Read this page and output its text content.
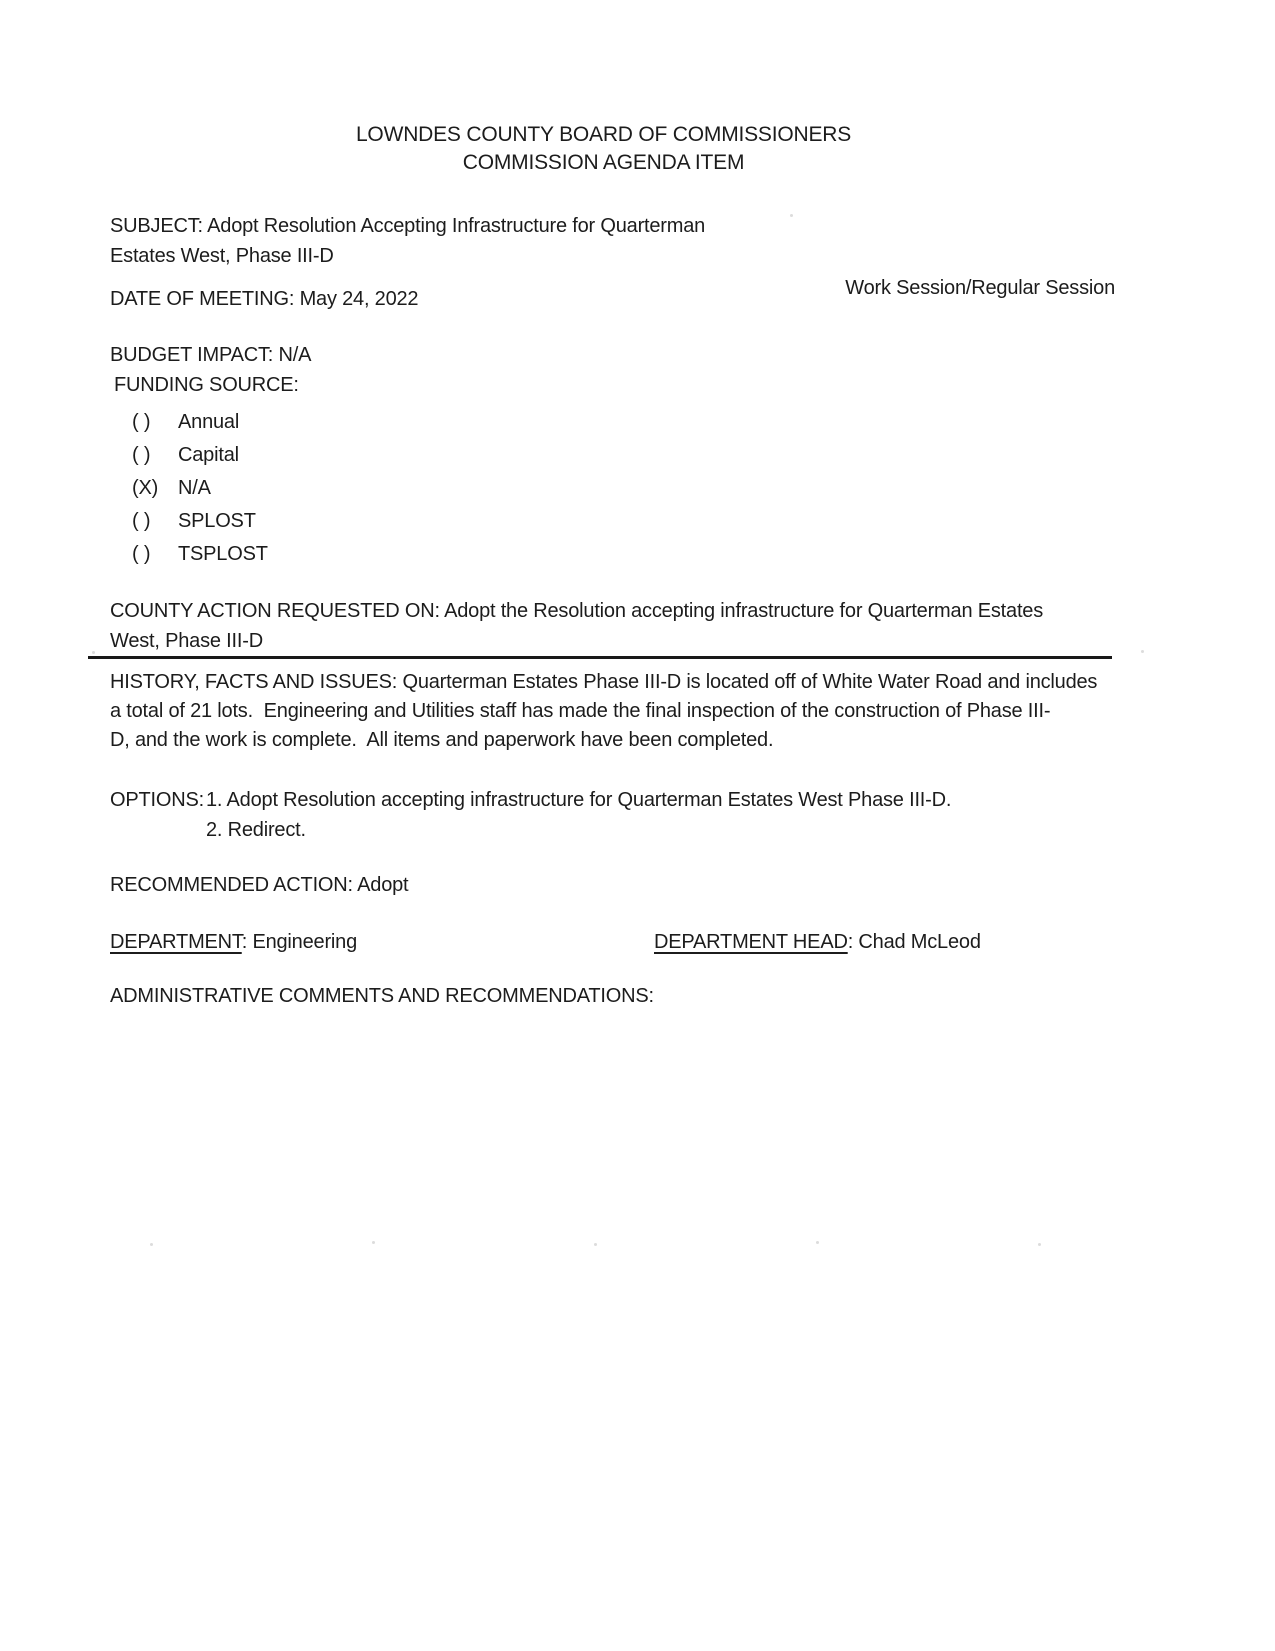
LOWNDES COUNTY BOARD OF COMMISSIONERS
COMMISSION AGENDA ITEM
SUBJECT: Adopt Resolution Accepting Infrastructure for Quarterman
Estates West, Phase III-D
DATE OF MEETING: May 24, 2022	Work Session/Regular Session
BUDGET IMPACT: N/A
FUNDING SOURCE:
( ) Annual
( ) Capital
(X) N/A
( ) SPLOST
( ) TSPLOST
COUNTY ACTION REQUESTED ON: Adopt the Resolution accepting infrastructure for Quarterman Estates
West, Phase III-D
HISTORY, FACTS AND ISSUES: Quarterman Estates Phase III-D is located off of White Water Road and includes
a total of 21 lots.  Engineering and Utilities staff has made the final inspection of the construction of Phase III-
D, and the work is complete.  All items and paperwork have been completed.
OPTIONS: 1. Adopt Resolution accepting infrastructure for Quarterman Estates West Phase III-D.
2. Redirect.
RECOMMENDED ACTION: Adopt
DEPARTMENT: Engineering	DEPARTMENT HEAD: Chad McLeod
ADMINISTRATIVE COMMENTS AND RECOMMENDATIONS:
